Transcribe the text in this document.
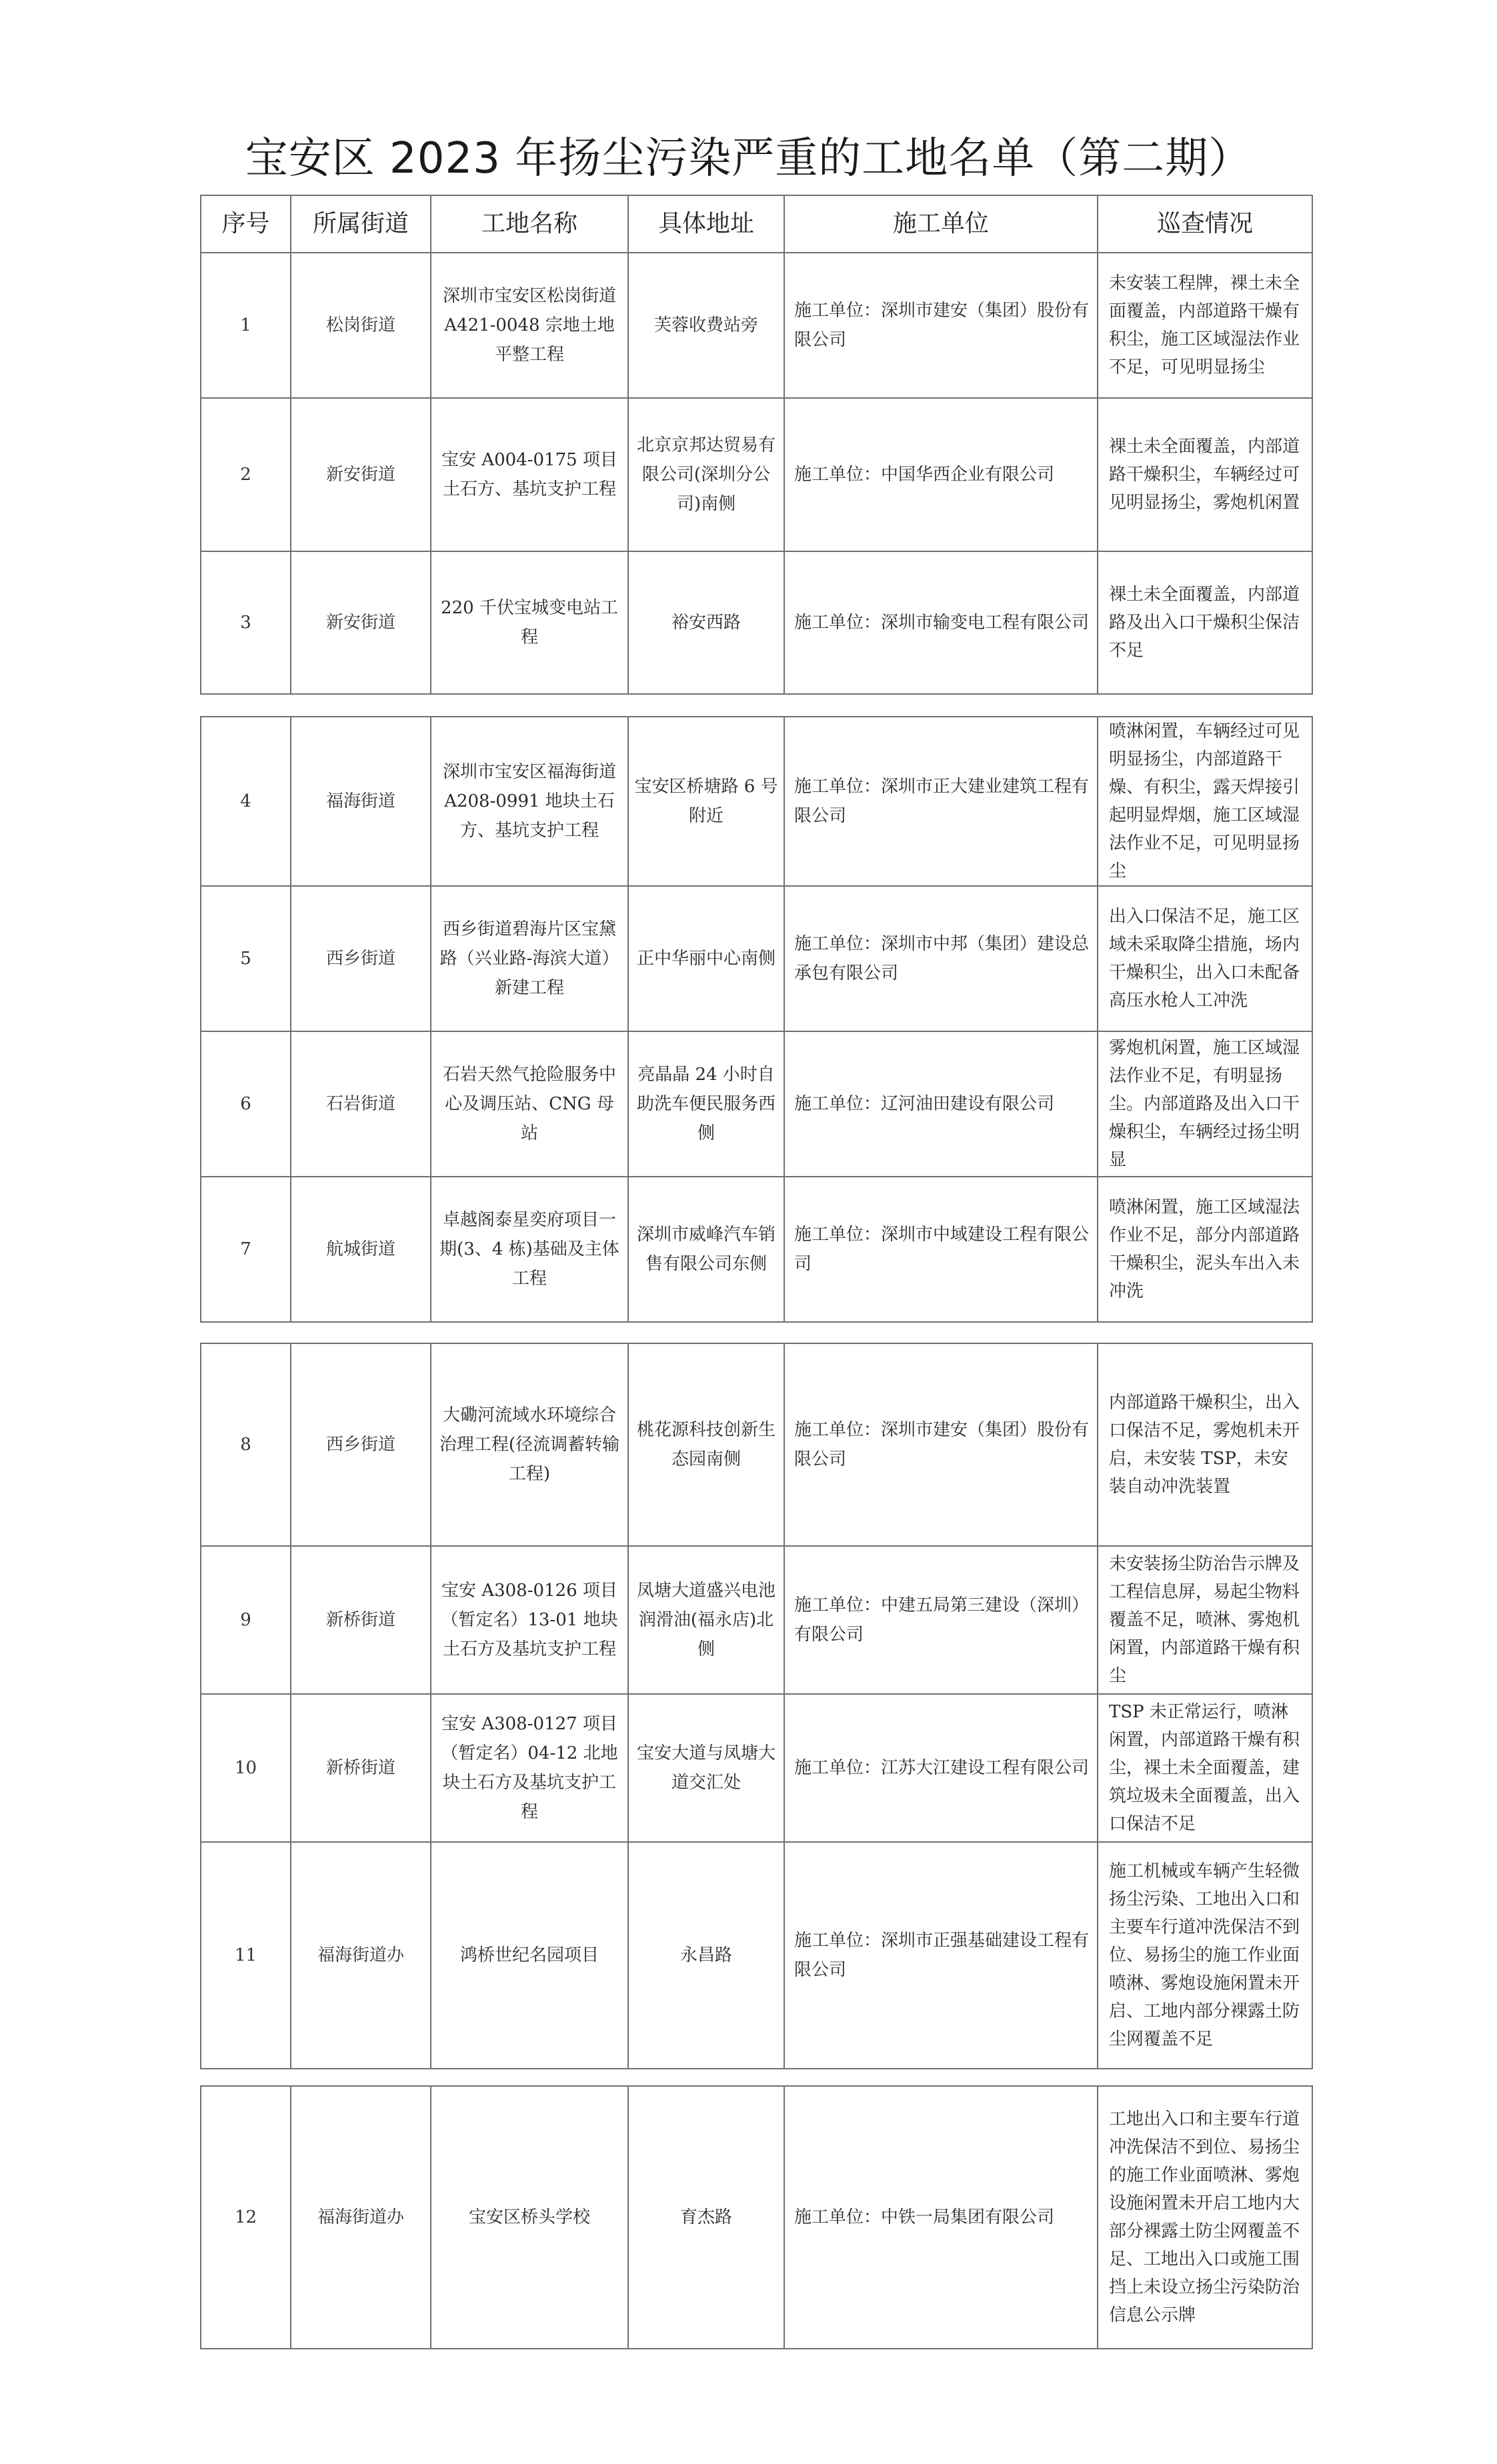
宝安区 2023 年扬尘污染严重的工地名单（第二期）
序号	所属街道	工地名称	具体地址	施工单位	巡查情况
1	松岗街道	深圳市宝安区松岗街道 A421-0048 宗地土地平整工程	芙蓉收费站旁	施工单位：深圳市建安（集团）股份有限公司	未安装工程牌，裸土未全面覆盖，内部道路干燥有积尘，施工区域湿法作业不足，可见明显扬尘
2	新安街道	宝安 A004-0175 项目土石方、基坑支护工程	北京京邦达贸易有限公司(深圳分公司)南侧	施工单位：中国华西企业有限公司	裸土未全面覆盖，内部道路干燥积尘，车辆经过可见明显扬尘，雾炮机闲置
3	新安街道	220 千伏宝城变电站工程	裕安西路	施工单位：深圳市输变电工程有限公司	裸土未全面覆盖，内部道路及出入口干燥积尘保洁不足
4	福海街道	深圳市宝安区福海街道 A208-0991 地块土石方、基坑支护工程	宝安区桥塘路 6 号附近	施工单位：深圳市正大建业建筑工程有限公司	喷淋闲置，车辆经过可见明显扬尘，内部道路干燥、有积尘，露天焊接引起明显焊烟，施工区域湿法作业不足，可见明显扬尘
5	西乡街道	西乡街道碧海片区宝黛路（兴业路-海滨大道）新建工程	正中华丽中心南侧	施工单位：深圳市中邦（集团）建设总承包有限公司	出入口保洁不足，施工区域未采取降尘措施，场内干燥积尘，出入口未配备高压水枪人工冲洗
6	石岩街道	石岩天然气抢险服务中心及调压站、CNG 母站	亮晶晶 24 小时自助洗车便民服务西侧	施工单位：辽河油田建设有限公司	雾炮机闲置，施工区域湿法作业不足，有明显扬尘。内部道路及出入口干燥积尘，车辆经过扬尘明显
7	航城街道	卓越阁泰星奕府项目一期(3、4 栋)基础及主体工程	深圳市威峰汽车销售有限公司东侧	施工单位：深圳市中域建设工程有限公司	喷淋闲置，施工区域湿法作业不足，部分内部道路干燥积尘，泥头车出入未冲洗
8	西乡街道	大磡河流域水环境综合治理工程(径流调蓄转输工程)	桃花源科技创新生态园南侧	施工单位：深圳市建安（集团）股份有限公司	内部道路干燥积尘，出入口保洁不足，雾炮机未开启，未安装 TSP，未安装自动冲洗装置
9	新桥街道	宝安 A308-0126 项目（暂定名）13-01 地块土石方及基坑支护工程	凤塘大道盛兴电池润滑油(福永店)北侧	施工单位：中建五局第三建设（深圳）有限公司	未安装扬尘防治告示牌及工程信息屏，易起尘物料覆盖不足，喷淋、雾炮机闲置，内部道路干燥有积尘
10	新桥街道	宝安 A308-0127 项目（暂定名）04-12 北地块土石方及基坑支护工程	宝安大道与凤塘大道交汇处	施工单位：江苏大江建设工程有限公司	TSP 未正常运行，喷淋闲置，内部道路干燥有积尘，裸土未全面覆盖，建筑垃圾未全面覆盖，出入口保洁不足
11	福海街道办	鸿桥世纪名园项目	永昌路	施工单位：深圳市正强基础建设工程有限公司	施工机械或车辆产生轻微扬尘污染、工地出入口和主要车行道冲洗保洁不到位、易扬尘的施工作业面喷淋、雾炮设施闲置未开启、工地内部分裸露土防尘网覆盖不足
12	福海街道办	宝安区桥头学校	育杰路	施工单位：中铁一局集团有限公司	工地出入口和主要车行道冲洗保洁不到位、易扬尘的施工作业面喷淋、雾炮设施闲置未开启工地内大部分裸露土防尘网覆盖不足、工地出入口或施工围挡上未设立扬尘污染防治信息公示牌
